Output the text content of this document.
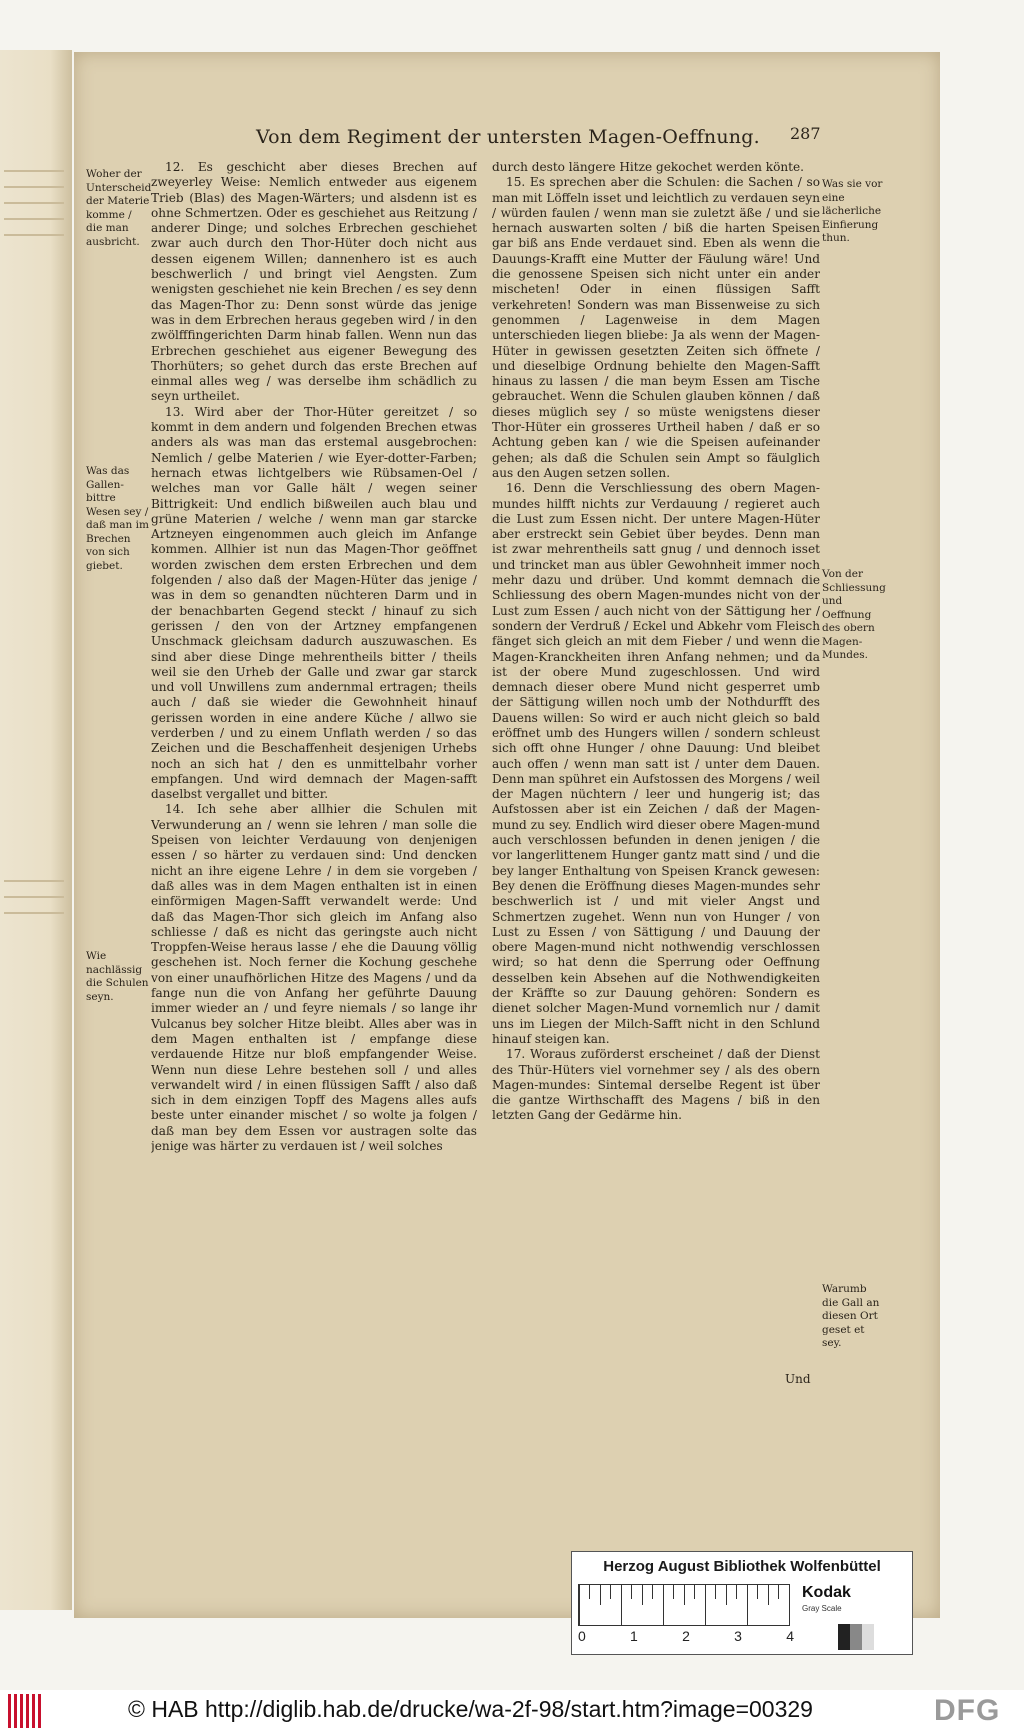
Von dem Regiment der untersten Magen-Oeffnung.	287
Woher der Unterscheid der Materie komme / die man ausbricht.
Was das Gallen-bittre Wesen sey / daß man im Brechen von sich giebet.
Wie nachlässig die Schulen seyn.

12. Es geschicht aber dieses Brechen auf zweyerley Weise: Nemlich entweder aus eigenem Trieb (Blas) des Magen-Wärters; und alsdenn ist es ohne Schmertzen. Oder es geschiehet aus Reitzung / anderer Dinge; und solches Erbrechen geschiehet zwar auch durch den Thor-Hüter doch nicht aus dessen eigenem Willen; dannenhero ist es auch beschwerlich / und bringt viel Aengsten. Zum wenigsten geschiehet nie kein Brechen / es sey denn das Magen-Thor zu: Denn sonst würde das jenige was in dem Erbrechen heraus gegeben wird / in den zwölfffingerichten Darm hinab fallen. Wenn nun das Erbrechen geschiehet aus eigener Bewegung des Thorhüters; so gehet durch das erste Brechen auf einmal alles weg / was derselbe ihm schädlich zu seyn urtheilet.

13. Wird aber der Thor-Hüter gereitzet / so kommt in dem andern und folgenden Brechen etwas anders als was man das erstemal ausgebrochen: Nemlich / gelbe Materien / wie Eyer-dotter-Farben; hernach etwas lichtgelbers wie Rübsamen-Oel / welches man vor Galle hält / wegen seiner Bittrigkeit: Und endlich bißweilen auch blau und grüne Materien / welche / wenn man gar starcke Artzneyen eingenommen auch gleich im Anfange kommen. Allhier ist nun das Magen-Thor geöffnet worden zwischen dem ersten Erbrechen und dem folgenden / also daß der Magen-Hüter das jenige / was in dem so genandten nüchteren Darm und in der benachbarten Gegend steckt / hinauf zu sich gerissen / den von der Artzney empfangenen Unschmack gleichsam dadurch auszuwaschen. Es sind aber diese Dinge mehrentheils bitter / theils weil sie den Urheb der Galle und zwar gar starck und voll Unwillens zum andernmal ertragen; theils auch / daß sie wieder die Gewohnheit hinauf gerissen worden in eine andere Küche / allwo sie verderben / und zu einem Unflath werden / so das Zeichen und die Beschaffenheit desjenigen Urhebs noch an sich hat / den es unmittelbahr vorher empfangen. Und wird demnach der Magen-safft daselbst vergallet und bitter.

14. Ich sehe aber allhier die Schulen mit Verwunderung an / wenn sie lehren / man solle die Speisen von leichter Verdauung von denjenigen essen / so härter zu verdauen sind: Und dencken nicht an ihre eigene Lehre / in dem sie vorgeben / daß alles was in dem Magen enthalten ist in einen einförmigen Magen-Safft verwandelt werde: Und daß das Magen-Thor sich gleich im Anfang also schliesse / daß es nicht das geringste auch nicht Troppfen-Weise heraus lasse / ehe die Dauung völlig geschehen ist. Noch ferner die Kochung geschehe von einer unaufhörlichen Hitze des Magens / und da fange nun die von Anfang her geführte Dauung immer wieder an / und feyre niemals / so lange ihr Vulcanus bey solcher Hitze bleibt. Alles aber was in dem Magen enthalten ist / empfange diese verdauende Hitze nur bloß empfangender Weise. Wenn nun diese Lehre bestehen soll / und alles verwandelt wird / in einen flüssigen Safft / also daß sich in dem einzigen Topff des Magens alles aufs beste unter einander mischet / so wolte ja folgen / daß man bey dem Essen vor austragen solte das jenige was härter zu verdauen ist / weil solches

durch desto längere Hitze gekochet werden könte.

15. Es sprechen aber die Schulen: die Sachen / so man mit Löffeln isset und leichtlich zu verdauen seyn / würden faulen / wenn man sie zuletzt äße / und sie hernach auswarten solten / biß die harten Speisen gar biß ans Ende verdauet sind. Eben als wenn die Dauungs-Krafft eine Mutter der Fäulung wäre! Und die genossene Speisen sich nicht unter ein ander mischeten! Oder in einen flüssigen Safft verkehreten! Sondern was man Bissenweise zu sich genommen / Lagenweise in dem Magen unterschieden liegen bliebe: Ja als wenn der Magen-Hüter in gewissen gesetzten Zeiten sich öffnete / und dieselbige Ordnung behielte den Magen-Safft hinaus zu lassen / die man beym Essen am Tische gebrauchet. Wenn die Schulen glauben können / daß dieses müglich sey / so müste wenigstens dieser Thor-Hüter ein grosseres Urtheil haben / daß er so Achtung geben kan / wie die Speisen aufeinander gehen; als daß die Schulen sein Ampt so fäulglich aus den Augen setzen sollen.

16. Denn die Verschliessung des obern Magen-mundes hilfft nichts zur Verdauung / regieret auch die Lust zum Essen nicht. Der untere Magen-Hüter aber erstreckt sein Gebiet über beydes. Denn man ist zwar mehrentheils satt gnug / und dennoch isset und trincket man aus übler Gewohnheit immer noch mehr dazu und drüber. Und kommt demnach die Schliessung des obern Magen-mundes nicht von der Lust zum Essen / auch nicht von der Sättigung her / sondern der Verdruß / Eckel und Abkehr vom Fleisch fänget sich gleich an mit dem Fieber / und wenn die Magen-Kranckheiten ihren Anfang nehmen; und da ist der obere Mund zugeschlossen. Und wird demnach dieser obere Mund nicht gesperret umb der Sättigung willen noch umb der Nothdurfft des Dauens willen: So wird er auch nicht gleich so bald eröffnet umb des Hungers willen / sondern schleust sich offt ohne Hunger / ohne Dauung: Und bleibet auch offen / wenn man satt ist / unter dem Dauen. Denn man spühret ein Aufstossen des Morgens / weil der Magen nüchtern / leer und hungerig ist; das Aufstossen aber ist ein Zeichen / daß der Magen-mund zu sey. Endlich wird dieser obere Magen-mund auch verschlossen befunden in denen jenigen / die vor langerlittenem Hunger gantz matt sind / und die bey langer Enthaltung von Speisen Kranck gewesen: Bey denen die Eröffnung dieses Magen-mundes sehr beschwerlich ist / und mit vieler Angst und Schmertzen zugehet. Wenn nun von Hunger / von Lust zu Essen / von Sättigung / und Dauung der obere Magen-mund nicht nothwendig verschlossen wird; so hat denn die Sperrung oder Oeffnung desselben kein Absehen auf die Nothwendigkeiten der Kräffte so zur Dauung gehören: Sondern es dienet solcher Magen-Mund vornemlich nur / damit uns im Liegen der Milch-Safft nicht in den Schlund hinauf steigen kan.

17. Woraus zuförderst erscheinet / daß der Dienst des Thür-Hüters viel vornehmer sey / als des obern Magen-mundes: Sintemal derselbe Regent ist über die gantze Wirthschafft des Magens / biß in den letzten Gang der Gedärme hin.

Was sie vor eine lächerliche Einfierung thun.
Von der Schliessung und Oeffnung des obern Magen-Mundes.
Warumb die Gall an diesen Ort geset et sey.
Und
Herzog August Bibliothek Wolfenbüttel
0	1	2	3	4
Kodak
Gray Scale
© HAB http://diglib.hab.de/drucke/wa-2f-98/start.htm?image=00329	DFG
